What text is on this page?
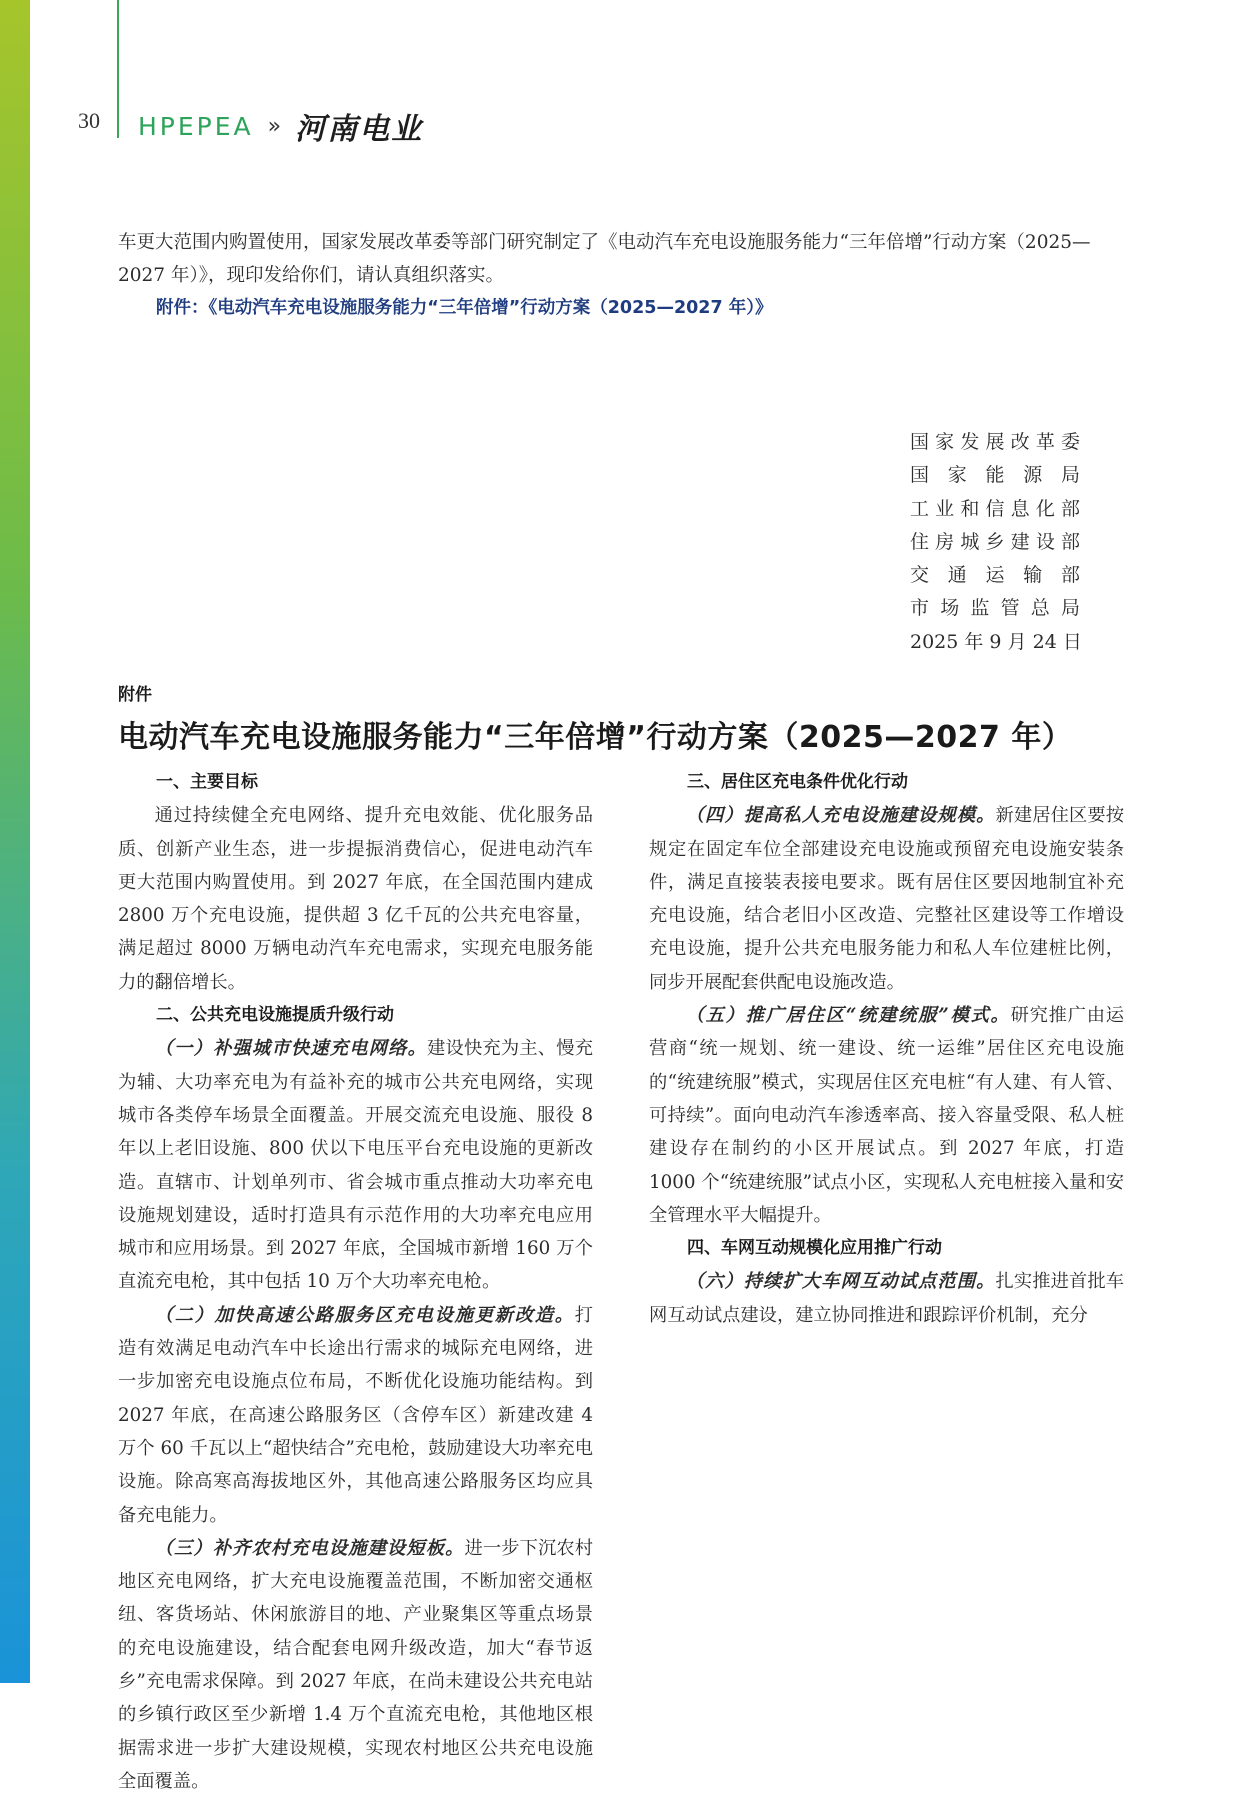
30 HPEPEA » 河南电业

车更大范围内购置使用，国家发展改革委等部门研究制定了《电动汽车充电设施服务能力“三年倍增”行动方案（2025—2027 年）》，现印发给你们，请认真组织落实。

附件：《电动汽车充电设施服务能力“三年倍增”行动方案（2025—2027 年）》

国家发展改革委
国家能源局
工业和信息化部
住房城乡建设部
交通运输部
市场监管总局
2025 年 9 月 24 日

附件

电动汽车充电设施服务能力“三年倍增”行动方案（2025—2027 年）
一、主要目标

通过持续健全充电网络、提升充电效能、优化服务品质、创新产业生态，进一步提振消费信心，促进电动汽车更大范围内购置使用。到 2027 年底，在全国范围内建成 2800 万个充电设施，提供超 3 亿千瓦的公共充电容量，满足超过 8000 万辆电动汽车充电需求，实现充电服务能力的翻倍增长。

二、公共充电设施提质升级行动

（一）补强城市快速充电网络。建设快充为主、慢充为辅、大功率充电为有益补充的城市公共充电网络，实现城市各类停车场景全面覆盖。开展交流充电设施、服役 8 年以上老旧设施、800 伏以下电压平台充电设施的更新改造。直辖市、计划单列市、省会城市重点推动大功率充电设施规划建设，适时打造具有示范作用的大功率充电应用城市和应用场景。到 2027 年底，全国城市新增 160 万个直流充电枪，其中包括 10 万个大功率充电枪。

（二）加快高速公路服务区充电设施更新改造。打造有效满足电动汽车中长途出行需求的城际充电网络，进一步加密充电设施点位布局，不断优化设施功能结构。到 2027 年底，在高速公路服务区（含停车区）新建改建 4 万个 60 千瓦以上“超快结合”充电枪，鼓励建设大功率充电设施。除高寒高海拔地区外，其他高速公路服务区均应具备充电能力。

（三）补齐农村充电设施建设短板。进一步下沉农村地区充电网络，扩大充电设施覆盖范围，不断加密交通枢纽、客货场站、休闲旅游目的地、产业聚集区等重点场景的充电设施建设，结合配套电网升级改造，加大“春节返乡”充电需求保障。到 2027 年底，在尚未建设公共充电站的乡镇行政区至少新增 1.4 万个直流充电枪，其他地区根据需求进一步扩大建设规模，实现农村地区公共充电设施全面覆盖。

三、居住区充电条件优化行动

（四）提高私人充电设施建设规模。新建居住区要按规定在固定车位全部建设充电设施或预留充电设施安装条件，满足直接装表接电要求。既有居住区要因地制宜补充充电设施，结合老旧小区改造、完整社区建设等工作增设充电设施，提升公共充电服务能力和私人车位建桩比例，同步开展配套供配电设施改造。

（五）推广居住区“统建统服”模式。研究推广由运营商“统一规划、统一建设、统一运维”居住区充电设施的“统建统服”模式，实现居住区充电桩“有人建、有人管、可持续”。面向电动汽车渗透率高、接入容量受限、私人桩建设存在制约的小区开展试点。到 2027 年底，打造 1000 个“统建统服”试点小区，实现私人充电桩接入量和安全管理水平大幅提升。

四、车网互动规模化应用推广行动

（六）持续扩大车网互动试点范围。扎实推进首批车网互动试点建设，建立协同推进和跟踪评价机制，充分
